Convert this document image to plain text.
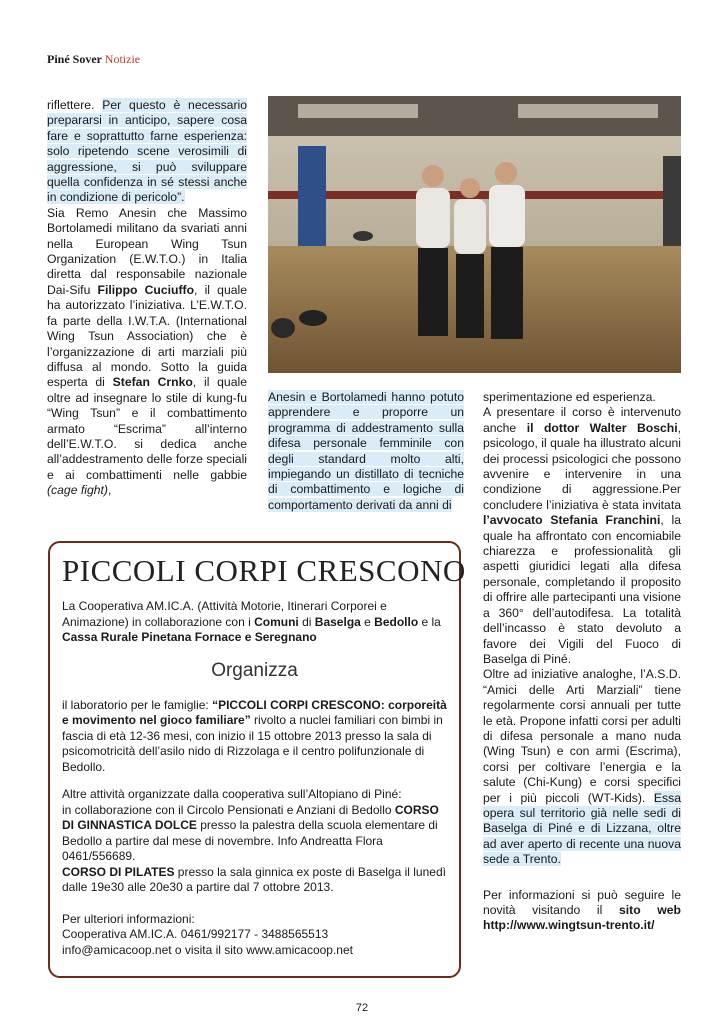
Piné Sover Notizie

riflettere. Per questo è necessario prepararsi in anticipo, sapere cosa fare e soprattutto farne esperienza: solo ripetendo scene verosimili di aggressione, si può sviluppare quella confidenza in sé stessi anche in condizione di pericolo”.

Sia Remo Anesin che Massimo Bortolamedi militano da svariati anni nella European Wing Tsun Organization (E.W.T.O.) in Italia diretta dal responsabile nazionale Dai-Sifu Filippo Cuciuffo, il quale ha autorizzato l’iniziativa. L’E.W.T.O. fa parte della I.W.T.A. (International Wing Tsun Association) che è l’organizzazione di arti marziali più diffusa al mondo. Sotto la guida esperta di Stefan Crnko, il quale oltre ad insegnare lo stile di kung-fu “Wing Tsun” e il combattimento armato “Escrima” all’interno dell’E.W.T.O. si dedica anche all’addestramento delle forze speciali e ai combattimenti nelle gabbie (cage fight),

Anesin e Bortolamedi hanno potuto apprendere e proporre un programma di addestramento sulla difesa personale femminile con degli standard molto alti, impiegando un distillato di tecniche di combattimento e logiche di comportamento derivati da anni di

sperimentazione ed esperienza.

A presentare il corso è intervenuto anche il dottor Walter Boschi, psicologo, il quale ha illustrato alcuni dei processi psicologici che possono avvenire e intervenire in una condizione di aggressione.Per concludere l’iniziativa è stata invitata l’avvocato Stefania Franchini, la quale ha affrontato con encomiabile chiarezza e professionalità gli aspetti giuridici legati alla difesa personale, completando il proposito di offrire alle partecipanti una visione a 360° dell’autodifesa. La totalità dell’incasso è stato devoluto a favore dei Vigili del Fuoco di Baselga di Piné.

Oltre ad iniziative analoghe, l’A.S.D. “Amici delle Arti Marziali” tiene regolarmente corsi annuali per tutte le età. Propone infatti corsi per adulti di difesa personale a mano nuda (Wing Tsun) e con armi (Escrima), corsi per coltivare l’energia e la salute (Chi-Kung) e corsi specifici per i più piccoli (WT-Kids). Essa opera sul territorio già nelle sedi di Baselga di Piné e di Lizzana, oltre ad aver aperto di recente una nuova sede a Trento.

Per informazioni si può seguire le novità visitando il sito web http://www.wingtsun-trento.it/

PICCOLI CORPI CRESCONO

La Cooperativa AM.IC.A. (Attività Motorie, Itinerari Corporei e Animazione) in collaborazione con i Comuni di Baselga e Bedollo e la Cassa Rurale Pinetana Fornace e Seregnano

Organizza

il laboratorio per le famiglie: “PICCOLI CORPI CRESCONO: corporeità e movimento nel gioco familiare” rivolto a nuclei familiari con bimbi in fascia di età 12-36 mesi, con inizio il 15 ottobre 2013 presso la sala di psicomotricità dell’asilo nido di Rizzolaga e il centro polifunzionale di Bedollo.

Altre attività organizzate dalla cooperativa sull’Altopiano di Piné:

in collaborazione con il Circolo Pensionati e Anziani di Bedollo CORSO DI GINNASTICA DOLCE presso la palestra della scuola elementare di Bedollo a partire dal mese di novembre. Info Andreatta Flora 0461/556689.

CORSO DI PILATES presso la sala ginnica ex poste di Baselga il lunedì dalle 19e30 alle 20e30 a partire dal 7 ottobre 2013.

Per ulteriori informazioni:

Cooperativa AM.IC.A. 0461/992177 - 3488565513

info@amicacoop.net o visita il sito www.amicacoop.net

72
